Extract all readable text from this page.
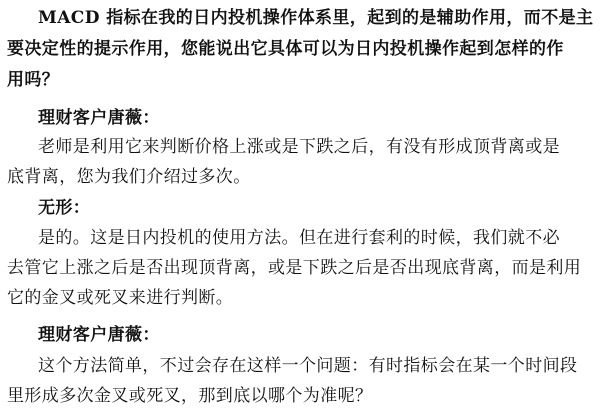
MACD 指标在我的日内投机操作体系里，起到的是辅助作用，而不是主
要决定性的提示作用，您能说出它具体可以为日内投机操作起到怎样的作
用吗？
理财客户唐薇：
老师是利用它来判断价格上涨或是下跌之后，有没有形成顶背离或是
底背离，您为我们介绍过多次。
无形：
是的。这是日内投机的使用方法。但在进行套利的时候，我们就不必
去管它上涨之后是否出现顶背离，或是下跌之后是否出现底背离，而是利用
它的金叉或死叉来进行判断。
理财客户唐薇：
这个方法简单，不过会存在这样一个问题：有时指标会在某一个时间段
里形成多次金叉或死叉，那到底以哪个为准呢？
